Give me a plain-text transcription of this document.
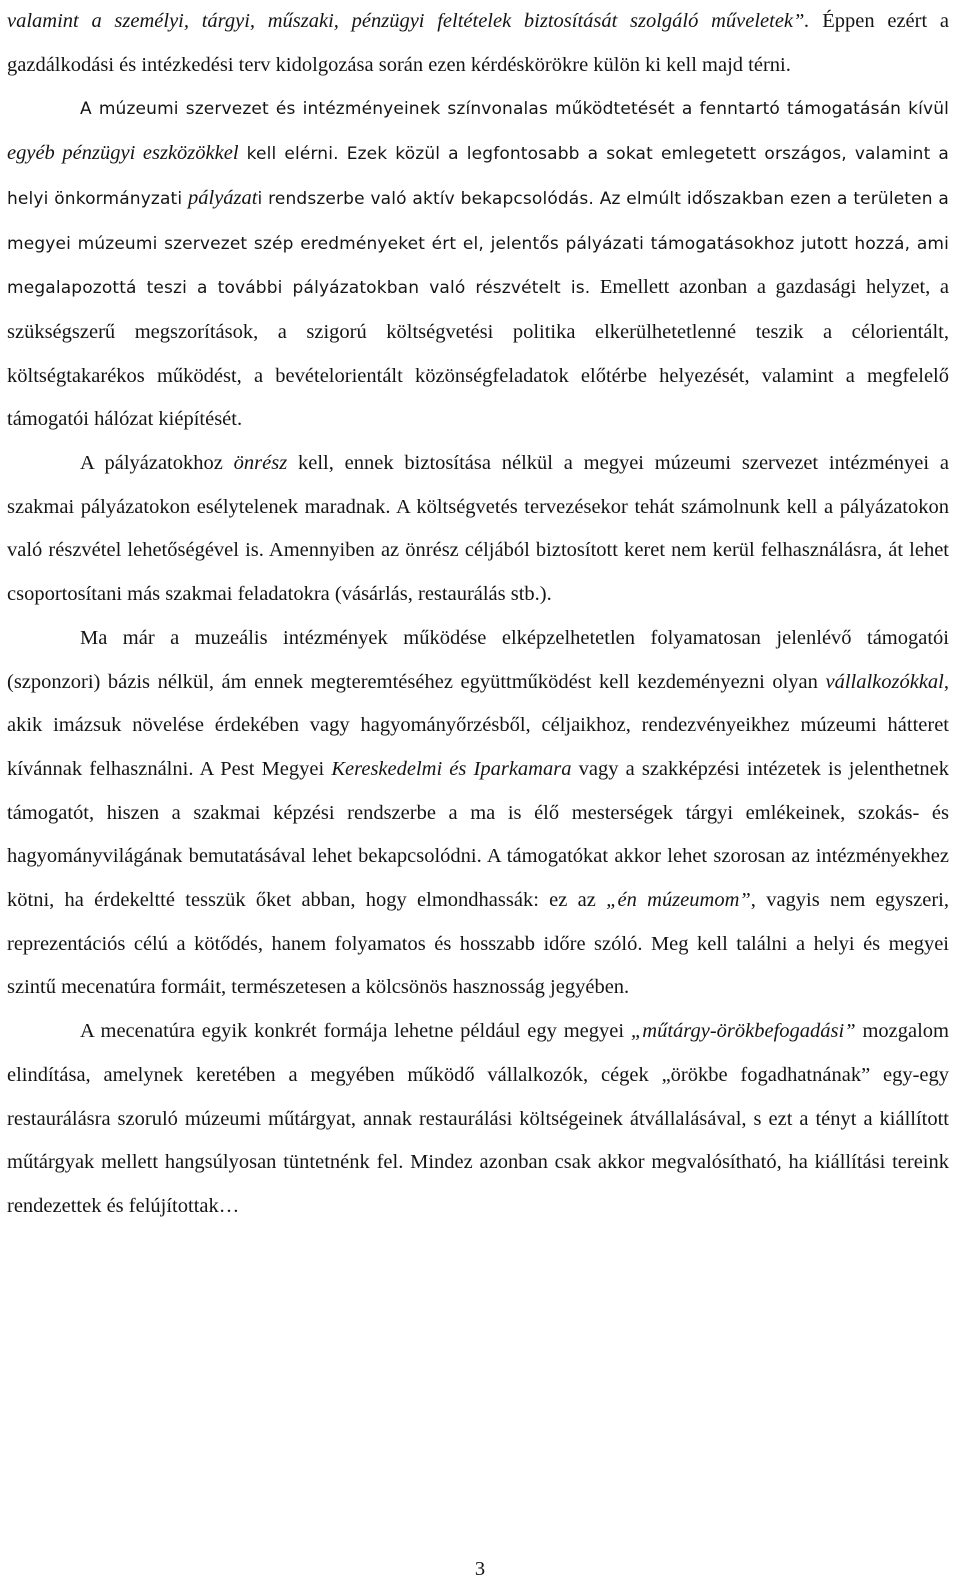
valamint a személyi, tárgyi, műszaki, pénzügyi feltételek biztosítását szolgáló műveletek”. Éppen ezért a gazdálkodási és intézkedési terv kidolgozása során ezen kérdéskörökre külön ki kell majd térni.

A múzeumi szervezet és intézményeinek színvonalas működtetését a fenntartó támogatásán kívül egyéb pénzügyi eszközökkel kell elérni. Ezek közül a legfontosabb a sokat emlegetett országos, valamint a helyi önkormányzati pályázati rendszerbe való aktív bekapcsolódás. Az elmúlt időszakban ezen a területen a megyei múzeumi szervezet szép eredményeket ért el, jelentős pályázati támogatásokhoz jutott hozzá, ami megalapozottá teszi a további pályázatokban való részvételt is. Emellett azonban a gazdasági helyzet, a szükségszerű megszorítások, a szigorú költségvetési politika elkerülhetetlenné teszik a célorientált, költségtakarékos működést, a bevételorientált közönségfeladatok előtérbe helyezését, valamint a megfelelő támogatói hálózat kiépítését.

A pályázatokhoz önrész kell, ennek biztosítása nélkül a megyei múzeumi szervezet intézményei a szakmai pályázatokon esélytelenek maradnak. A költségvetés tervezésekor tehát számolnunk kell a pályázatokon való részvétel lehetőségével is. Amennyiben az önrész céljából biztosított keret nem kerül felhasználásra, át lehet csoportosítani más szakmai feladatokra (vásárlás, restaurálás stb.).

Ma már a muzeális intézmények működése elképzelhetetlen folyamatosan jelenlévő támogatói (szponzori) bázis nélkül, ám ennek megteremtéséhez együttműködést kell kezdeményezni olyan vállalkozókkal, akik imázsuk növelése érdekében vagy hagyományőrzésből, céljaikhoz, rendezvényeikhez múzeumi hátteret kívánnak felhasználni. A Pest Megyei Kereskedelmi és Iparkamara vagy a szakképzési intézetek is jelenthetnek támogatót, hiszen a szakmai képzési rendszerbe a ma is élő mesterségek tárgyi emlékeinek, szokás- és hagyományvilágának bemutatásával lehet bekapcsolódni. A támogatókat akkor lehet szorosan az intézményekhez kötni, ha érdekeltté tesszük őket abban, hogy elmondhassák: ez az „én múzeumom”, vagyis nem egyszeri, reprezentációs célú a kötődés, hanem folyamatos és hosszabb időre szóló. Meg kell találni a helyi és megyei szintű mecenatúra formáit, természetesen a kölcsönös hasznosság jegyében.

A mecenatúra egyik konkrét formája lehetne például egy megyei „műtárgy-örökbefogadási” mozgalom elindítása, amelynek keretében a megyében működő vállalkozók, cégek „örökbe fogadhatnának” egy-egy restaurálásra szoruló múzeumi műtárgyat, annak restaurálási költségeinek átvállalásával, s ezt a tényt a kiállított műtárgyak mellett hangsúlyosan tüntetnénk fel. Mindez azonban csak akkor megvalósítható, ha kiállítási tereink rendezettek és felújítottak…

3
